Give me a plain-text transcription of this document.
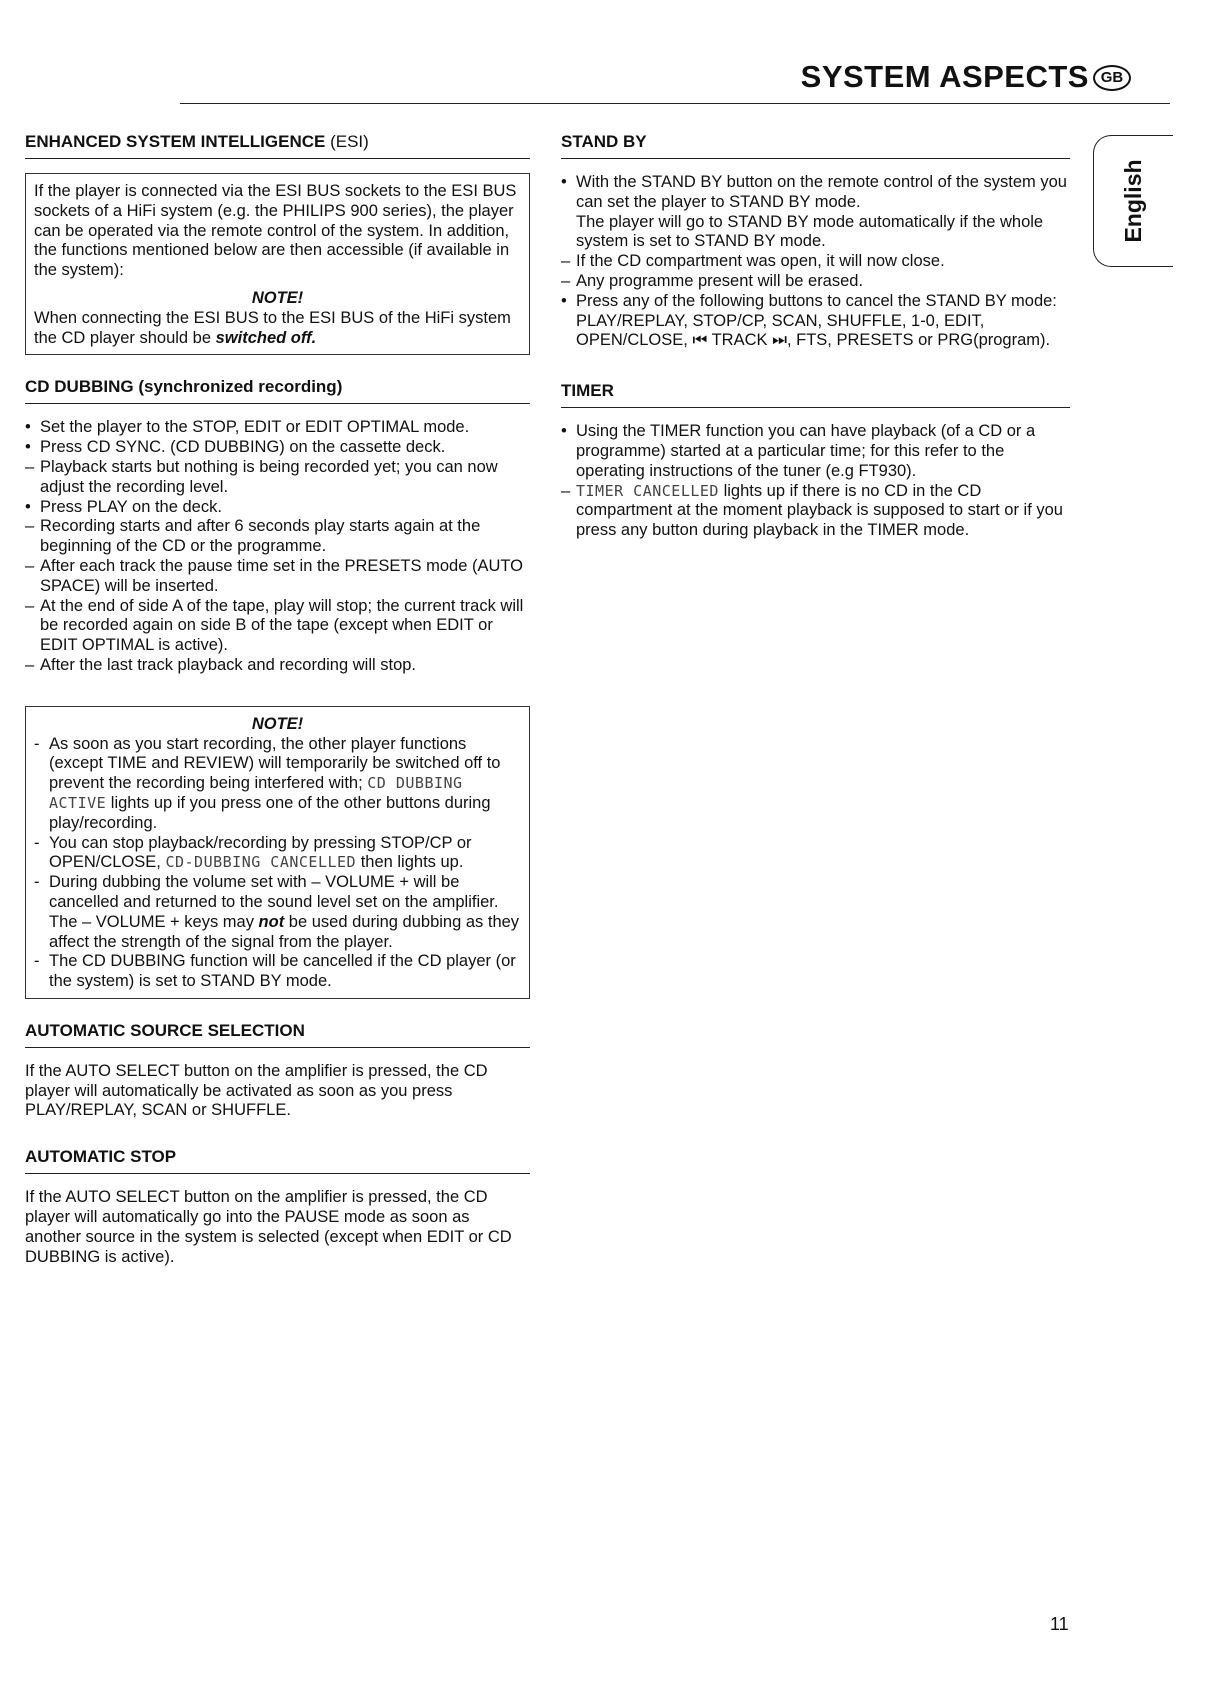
SYSTEM ASPECTS GB
English
ENHANCED SYSTEM INTELLIGENCE (ESI)

If the player is connected via the ESI BUS sockets to the ESI BUS sockets of a HiFi system (e.g. the PHILIPS 900 series), the player can be operated via the remote control of the system. In addition, the functions mentioned below are then accessible (if available in the system):

NOTE!

When connecting the ESI BUS to the ESI BUS of the HiFi system the CD player should be switched off.

CD DUBBING (synchronized recording)
• Set the player to the STOP, EDIT or EDIT OPTIMAL mode.
• Press CD SYNC. (CD DUBBING) on the cassette deck.
– Playback starts but nothing is being recorded yet; you can now adjust the recording level.
• Press PLAY on the deck.
– Recording starts and after 6 seconds play starts again at the beginning of the CD or the programme.
– After each track the pause time set in the PRESETS mode (AUTO SPACE) will be inserted.
– At the end of side A of the tape, play will stop; the current track will be recorded again on side B of the tape (except when EDIT or EDIT OPTIMAL is active).
– After the last track playback and recording will stop.
NOTE!
- As soon as you start recording, the other player functions (except TIME and REVIEW) will temporarily be switched off to prevent the recording being interfered with; CD DUBBING ACTIVE lights up if you press one of the other buttons during play/recording.
- You can stop playback/recording by pressing STOP/CP or OPEN/CLOSE, CD-DUBBING CANCELLED then lights up.
- During dubbing the volume set with – VOLUME + will be cancelled and returned to the sound level set on the amplifier.
The – VOLUME + keys may not be used during dubbing as they affect the strength of the signal from the player.
- The CD DUBBING function will be cancelled if the CD player (or the system) is set to STAND BY mode.
AUTOMATIC SOURCE SELECTION

If the AUTO SELECT button on the amplifier is pressed, the CD player will automatically be activated as soon as you press PLAY/REPLAY, SCAN or SHUFFLE.

AUTOMATIC STOP

If the AUTO SELECT button on the amplifier is pressed, the CD player will automatically go into the PAUSE mode as soon as another source in the system is selected (except when EDIT or CD DUBBING is active).

STAND BY
• With the STAND BY button on the remote control of the system you can set the player to STAND BY mode.
The player will go to STAND BY mode automatically if the whole system is set to STAND BY mode.
– If the CD compartment was open, it will now close.
– Any programme present will be erased.
• Press any of the following buttons to cancel the STAND BY mode:
PLAY/REPLAY, STOP/CP, SCAN, SHUFFLE, 1-0, EDIT, OPEN/CLOSE, ⏮ TRACK ⏭, FTS, PRESETS or PRG(program).
TIMER
• Using the TIMER function you can have playback (of a CD or a programme) started at a particular time; for this refer to the operating instructions of the tuner (e.g FT930).
– TIMER CANCELLED lights up if there is no CD in the CD compartment at the moment playback is supposed to start or if you press any button during playback in the TIMER mode.
11
